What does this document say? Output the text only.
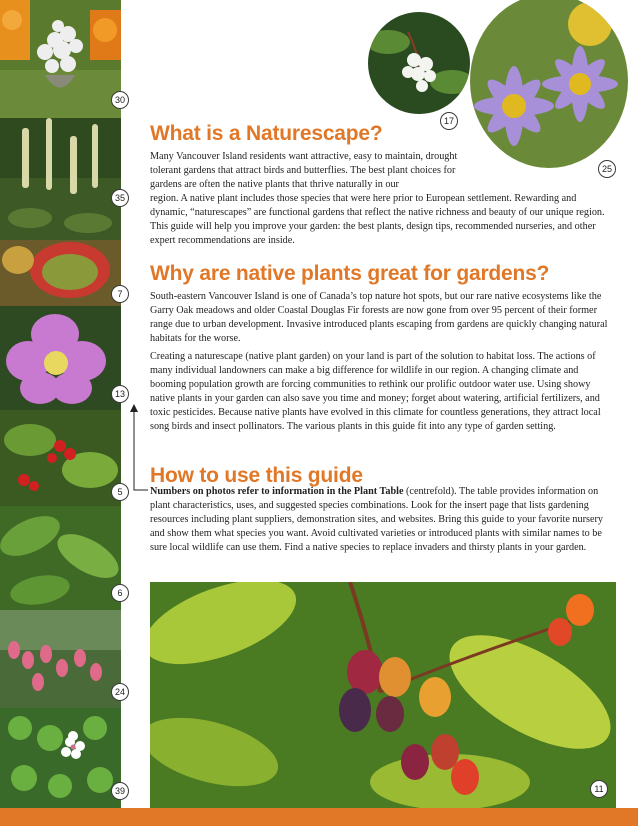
30
35
7
13
5
6
24
39
17
25
What is a Naturescape?

Many Vancouver Island residents want attractive, easy to maintain, drought tolerant gardens that attract birds and butterflies. The best plant choices for gardens are often the native plants that thrive naturally in our

region. A native plant includes those species that were here prior to European settlement. Rewarding and dynamic, “naturescapes” are functional gardens that reflect the native richness and beauty of our unique region. This guide will help you improve your garden: the best plants, design tips, recommended nurseries, and other expert recommendations are inside.

Why are native plants great for gardens?

South-eastern Vancouver Island is one of Canada’s top nature hot spots, but our rare native ecosystems like the Garry Oak meadows and older Coastal Douglas Fir forests are now gone from over 95 percent of their former range due to urban development. Invasive introduced plants escaping from gardens are quickly changing natural habitats for the worse.

Creating a naturescape (native plant garden) on your land is part of the solution to habitat loss. The actions of many individual landowners can make a big difference for wildlife in our region. A changing climate and booming population growth are forcing communities to rethink our prolific outdoor water use. Using showy native plants in your garden can also save you time and money; forget about watering, artificial fertilizers, and toxic pesticides. Because native plants have evolved in this climate for countless generations, they attract local song birds and insect pollinators. The various plants in this guide fit into any type of garden setting.

How to use this guide

Numbers on photos refer to information in the Plant Table (centrefold). The table provides information on plant characteristics, uses, and suggested species combinations. Look for the insert page that lists gardening resources including plant suppliers, demonstration sites, and websites. Bring this guide to your favorite nursery and show them what species you want. Avoid cultivated varieties or introduced plants with similar names to be sure local wildlife can use them. Find a native species to replace invaders and thirsty plants in your garden.

11
